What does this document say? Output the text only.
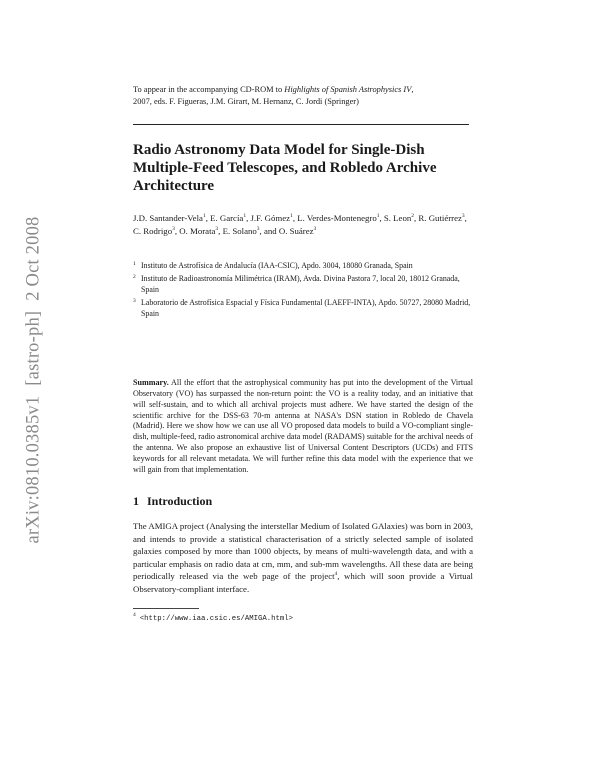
arXiv:0810.0385v1[astro-ph]2 Oct 2008
To appear in the accompanying CD-ROM to Highlights of Spanish Astrophysics IV,
2007, eds. F. Figueras, J.M. Girart, M. Hernanz, C. Jordi (Springer)
Radio Astronomy Data Model for Single-Dish Multiple-Feed Telescopes, and Robledo Archive Architecture
J.D. Santander-Vela$^1$, E. García$^1$, J.F. Gómez$^1$, L. Verdes-Montenegro$^1$, S. Leon$^2$, R. Gutiérrez$^3$, C. Rodrigo$^3$, O. Morata$^3$, E. Solano$^3$, and O. Suárez$^3$
1 Instituto de Astrofísica de Andalucía (IAA-CSIC), Apdo. 3004, 18080 Granada, Spain
2 Instituto de Radioastronomía Milimétrica (IRAM), Avda. Divina Pastora 7, local 20, 18012 Granada, Spain
3 Laboratorio de Astrofísica Espacial y Física Fundamental (LAEFF-INTA), Apdo. 50727, 28080 Madrid, Spain

Summary. All the effort that the astrophysical community has put into the development of the Virtual Observatory (VO) has surpassed the non-return point: the VO is a reality today, and an initiative that will self-sustain, and to which all archival projects must adhere. We have started the design of the scientific archive for the DSS-63 70-m antenna at NASA's DSN station in Robledo de Chavela (Madrid). Here we show how we can use all VO proposed data models to build a VO-compliant single-dish, multiple-feed, radio astronomical archive data model (RADAMS) suitable for the archival needs of the antenna. We also propose an exhaustive list of Universal Content Descriptors (UCDs) and FITS keywords for all relevant metadata. We will further refine this data model with the experience that we will gain from that implementation.

1 Introduction

The AMIGA project (Analysing the interstellar Medium of Isolated GAlaxies) was born in 2003, and intends to provide a statistical characterisation of a strictly selected sample of isolated galaxies composed by more than 1000 objects, by means of multi-wavelength data, and with a particular emphasis on radio data at cm, mm, and sub-mm wavelengths. All these data are being periodically released via the web page of the project$^4$, which will soon provide a Virtual Observatory-compliant interface.

$^4$ <http://www.iaa.csic.es/AMIGA.html>
